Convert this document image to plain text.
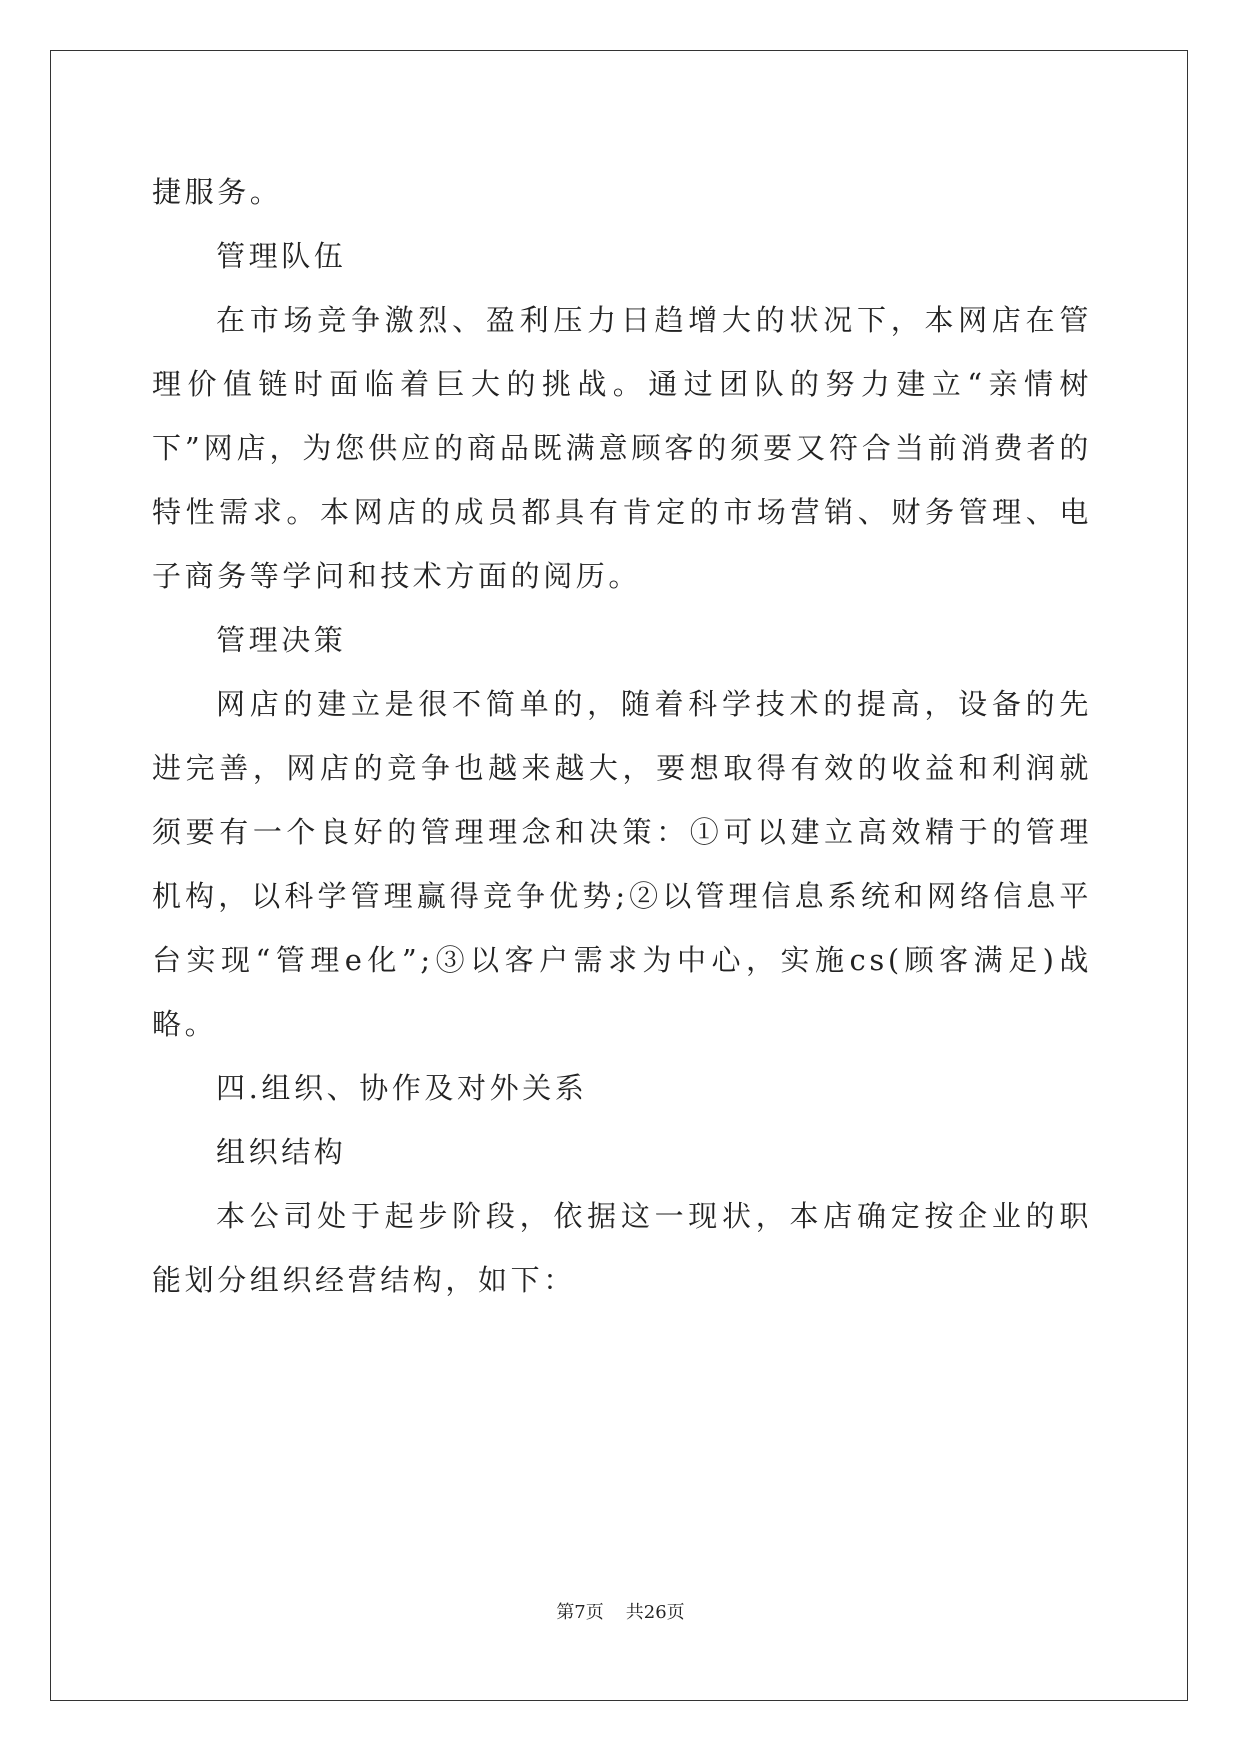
捷服务。

管理队伍

在市场竞争激烈、盈利压力日趋增大的状况下，本网店在管理价值链时面临着巨大的挑战。通过团队的努力建立“亲情树下”网店，为您供应的商品既满意顾客的须要又符合当前消费者的特性需求。本网店的成员都具有肯定的市场营销、财务管理、电子商务等学问和技术方面的阅历。

管理决策

网店的建立是很不简单的，随着科学技术的提高，设备的先进完善，网店的竞争也越来越大，要想取得有效的收益和利润就须要有一个良好的管理理念和决策：①可以建立高效精于的管理机构，以科学管理赢得竞争优势;②以管理信息系统和网络信息平台实现“管理e化”;③以客户需求为中心，实施cs(顾客满足)战略。

四.组织、协作及对外关系

组织结构

本公司处于起步阶段，依据这一现状，本店确定按企业的职能划分组织经营结构，如下：

第7页 共26页
